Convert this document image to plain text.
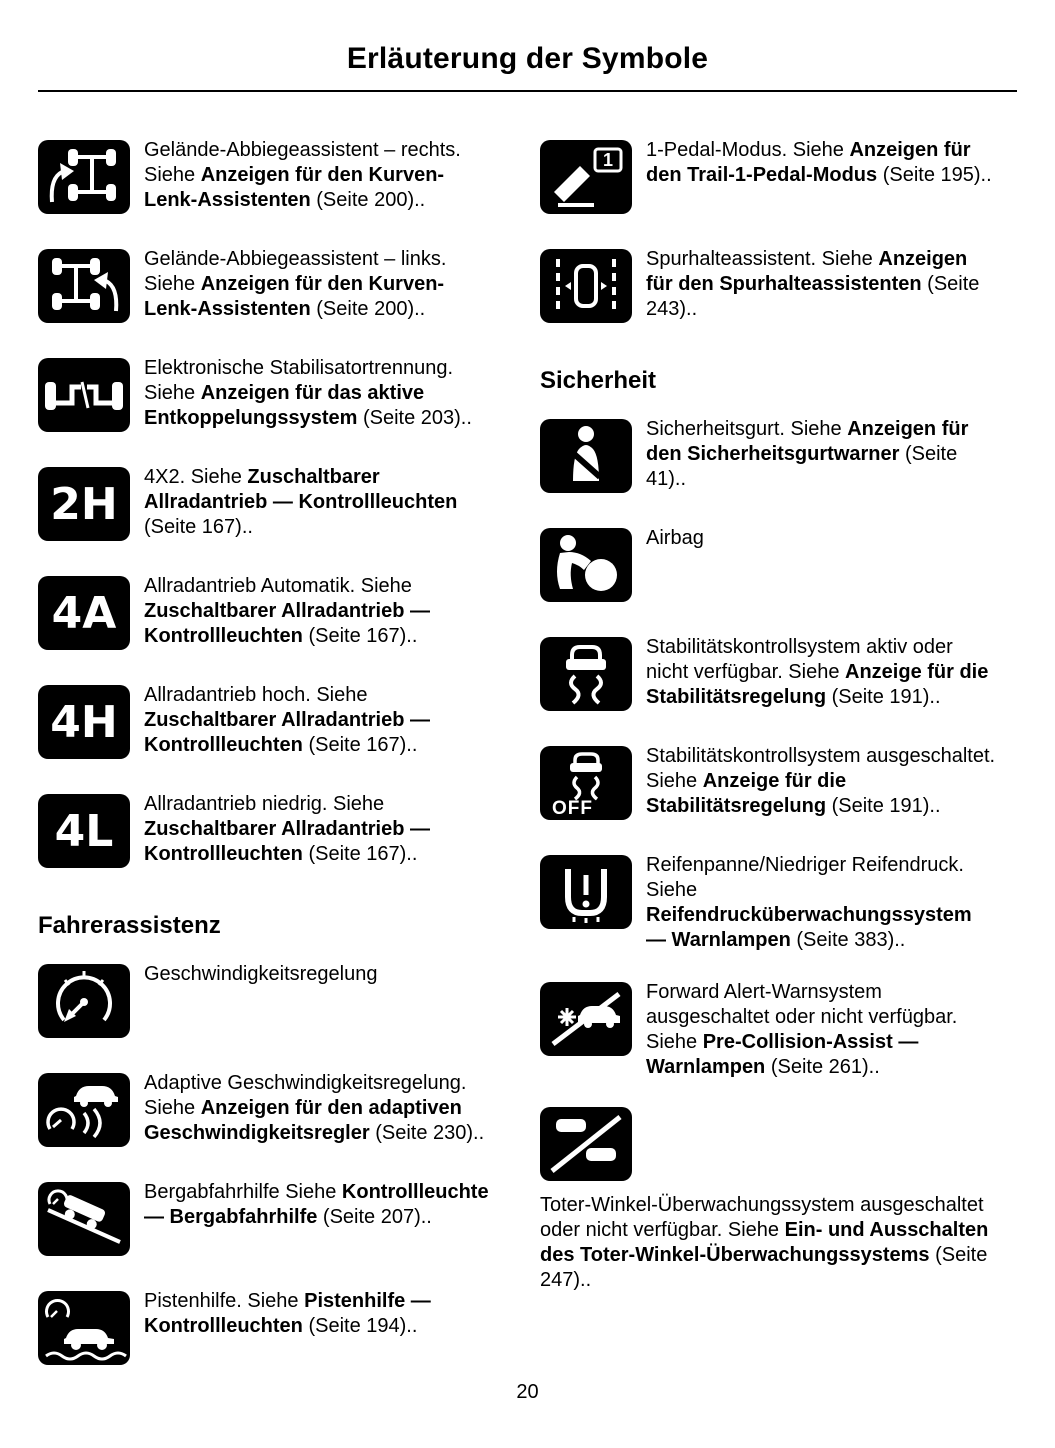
Erläuterung der Symbole

Gelände-Abbiegeassistent – rechts. Siehe Anzeigen für den Kurven-Lenk-Assistenten (Seite 200)..

Gelände-Abbiegeassistent – links. Siehe Anzeigen für den Kurven-Lenk-Assistenten (Seite 200)..

Elektronische Stabilisatortrennung. Siehe Anzeigen für das aktive Entkoppelungssystem (Seite 203)..

2H

4X2. Siehe Zuschaltbarer Allradantrieb — Kontrollleuchten (Seite 167)..

4A

Allradantrieb Automatik. Siehe Zuschaltbarer Allradantrieb — Kontrollleuchten (Seite 167)..

4H

Allradantrieb hoch. Siehe Zuschaltbarer Allradantrieb — Kontrollleuchten (Seite 167)..

4L

Allradantrieb niedrig. Siehe Zuschaltbarer Allradantrieb — Kontrollleuchten (Seite 167)..

Fahrerassistenz

Geschwindigkeitsregelung

Adaptive Geschwindigkeitsregelung. Siehe Anzeigen für den adaptiven Geschwindigkeitsregler (Seite 230)..

Bergabfahrhilfe Siehe Kontrollleuchte — Bergabfahrhilfe (Seite 207)..

Pistenhilfe. Siehe Pistenhilfe — Kontrollleuchten (Seite 194)..

1	1-Pedal-Modus. Siehe Anzeigen für den Trail-1-Pedal-Modus (Seite 195)..

Spurhalteassistent. Siehe Anzeigen für den Spurhalteassistenten (Seite 243)..

Sicherheit

Sicherheitsgurt. Siehe Anzeigen für den Sicherheitsgurtwarner (Seite 41)..

Airbag

Stabilitätskontrollsystem aktiv oder nicht verfügbar. Siehe Anzeige für die Stabilitätsregelung (Seite 191)..

OFF

Stabilitätskontrollsystem ausgeschaltet. Siehe Anzeige für die Stabilitätsregelung (Seite 191)..

Reifenpanne/Niedriger Reifendruck. Siehe Reifendrucküberwachungssystem — Warnlampen (Seite 383)..

Forward Alert-Warnsystem ausgeschaltet oder nicht verfügbar. Siehe Pre-Collision-Assist — Warnlampen (Seite 261)..

Toter-Winkel-Überwachungssystem ausgeschaltet oder nicht verfügbar. Siehe Ein- und Ausschalten des Toter-Winkel-Überwachungssystems (Seite 247)..

20
